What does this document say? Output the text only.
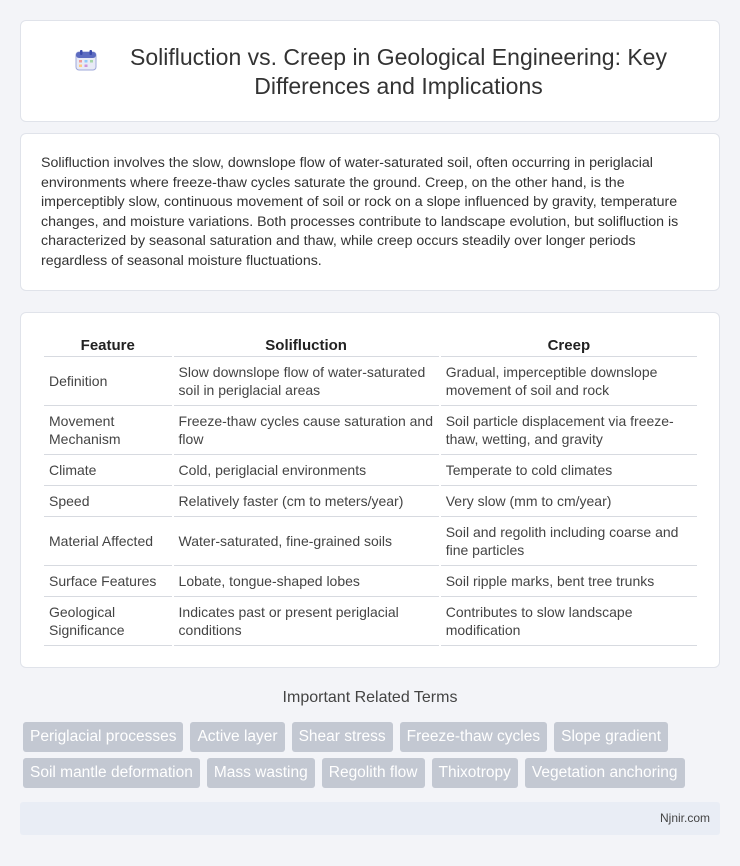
Solifluction vs. Creep in Geological Engineering: Key Differences and Implications

Solifluction involves the slow, downslope flow of water-saturated soil, often occurring in periglacial environments where freeze-thaw cycles saturate the ground. Creep, on the other hand, is the imperceptibly slow, continuous movement of soil or rock on a slope influenced by gravity, temperature changes, and moisture variations. Both processes contribute to landscape evolution, but solifluction is characterized by seasonal saturation and thaw, while creep occurs steadily over longer periods regardless of seasonal moisture fluctuations.

Feature	Solifluction	Creep
Definition	Slow downslope flow of water-saturated soil in periglacial areas	Gradual, imperceptible downslope movement of soil and rock
Movement Mechanism	Freeze-thaw cycles cause saturation and flow	Soil particle displacement via freeze-thaw, wetting, and gravity
Climate	Cold, periglacial environments	Temperate to cold climates
Speed	Relatively faster (cm to meters/year)	Very slow (mm to cm/year)
Material Affected	Water-saturated, fine-grained soils	Soil and regolith including coarse and fine particles
Surface Features	Lobate, tongue-shaped lobes	Soil ripple marks, bent tree trunks
Geological Significance	Indicates past or present periglacial conditions	Contributes to slow landscape modification
Important Related Terms
Periglacial processes	Active layer	Shear stress	Freeze-thaw cycles	Slope gradient
Soil mantle deformation	Mass wasting	Regolith flow	Thixotropy	Vegetation anchoring
Njnir.com
